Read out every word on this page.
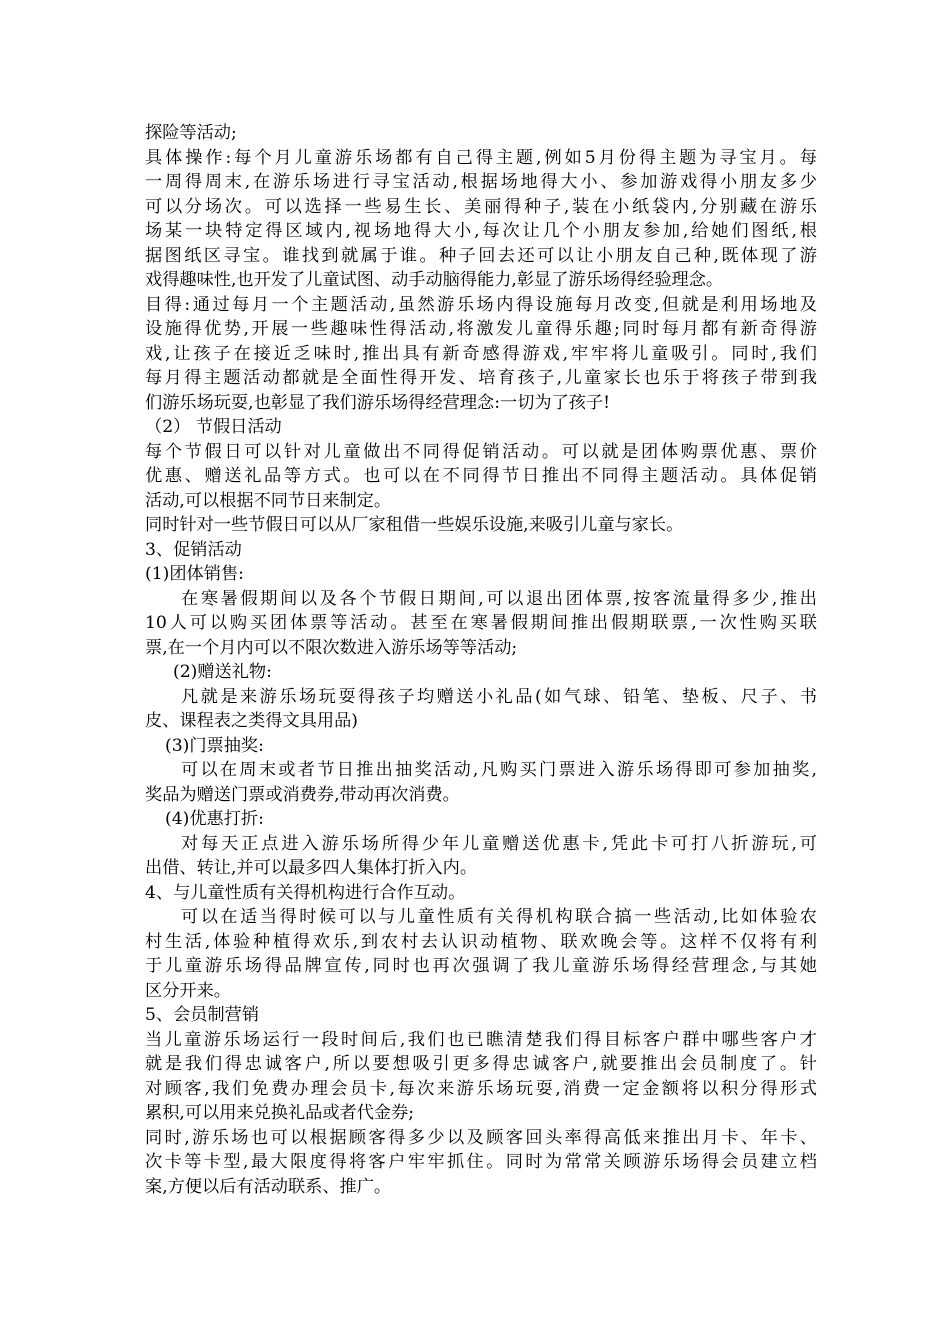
探险等活动;
具体操作:每个月儿童游乐场都有自己得主题,例如5月份得主题为寻宝月。每
一周得周末,在游乐场进行寻宝活动,根据场地得大小、参加游戏得小朋友多少
可以分场次。可以选择一些易生长、美丽得种子,装在小纸袋内,分别藏在游乐
场某一块特定得区域内,视场地得大小,每次让几个小朋友参加,给她们图纸,根
据图纸区寻宝。谁找到就属于谁。种子回去还可以让小朋友自己种,既体现了游
戏得趣味性,也开发了儿童试图、动手动脑得能力,彰显了游乐场得经验理念。
目得:通过每月一个主题活动,虽然游乐场内得设施每月改变,但就是利用场地及
设施得优势,开展一些趣味性得活动,将激发儿童得乐趣;同时每月都有新奇得游
戏,让孩子在接近乏味时,推出具有新奇感得游戏,牢牢将儿童吸引。同时,我们
每月得主题活动都就是全面性得开发、培育孩子,儿童家长也乐于将孩子带到我
们游乐场玩耍,也彰显了我们游乐场得经营理念:一切为了孩子!
（2） 节假日活动
每个节假日可以针对儿童做出不同得促销活动。可以就是团体购票优惠、票价
优惠、赠送礼品等方式。也可以在不同得节日推出不同得主题活动。具体促销
活动,可以根据不同节日来制定。
同时针对一些节假日可以从厂家租借一些娱乐设施,来吸引儿童与家长。
3、促销活动
(1)团体销售:
在寒暑假期间以及各个节假日期间,可以退出团体票,按客流量得多少,推出
10人可以购买团体票等活动。甚至在寒暑假期间推出假期联票,一次性购买联
票,在一个月内可以不限次数进入游乐场等等活动;
(2)赠送礼物:
凡就是来游乐场玩耍得孩子均赠送小礼品(如气球、铅笔、垫板、尺子、书
皮、课程表之类得文具用品)
(3)门票抽奖:
可以在周末或者节日推出抽奖活动,凡购买门票进入游乐场得即可参加抽奖,
奖品为赠送门票或消费券,带动再次消费。
(4)优惠打折:
对每天正点进入游乐场所得少年儿童赠送优惠卡,凭此卡可打八折游玩,可
出借、转让,并可以最多四人集体打折入内。
4、与儿童性质有关得机构进行合作互动。
可以在适当得时候可以与儿童性质有关得机构联合搞一些活动,比如体验农
村生活,体验种植得欢乐,到农村去认识动植物、联欢晚会等。这样不仅将有利
于儿童游乐场得品牌宣传,同时也再次强调了我儿童游乐场得经营理念,与其她
区分开来。
5、会员制营销
当儿童游乐场运行一段时间后,我们也已瞧清楚我们得目标客户群中哪些客户才
就是我们得忠诚客户,所以要想吸引更多得忠诚客户,就要推出会员制度了。针
对顾客,我们免费办理会员卡,每次来游乐场玩耍,消费一定金额将以积分得形式
累积,可以用来兑换礼品或者代金券;
同时,游乐场也可以根据顾客得多少以及顾客回头率得高低来推出月卡、年卡、
次卡等卡型,最大限度得将客户牢牢抓住。同时为常常关顾游乐场得会员建立档
案,方便以后有活动联系、推广。
